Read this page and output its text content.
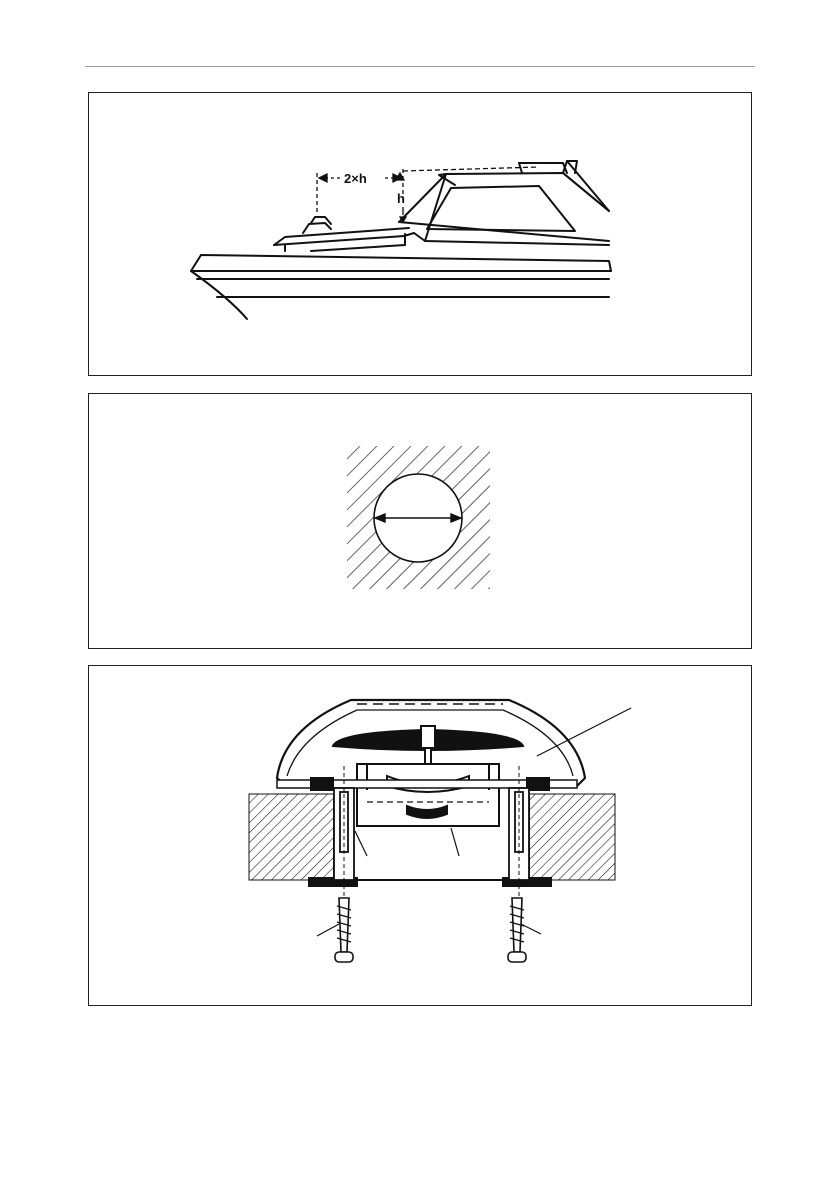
2×h
h
